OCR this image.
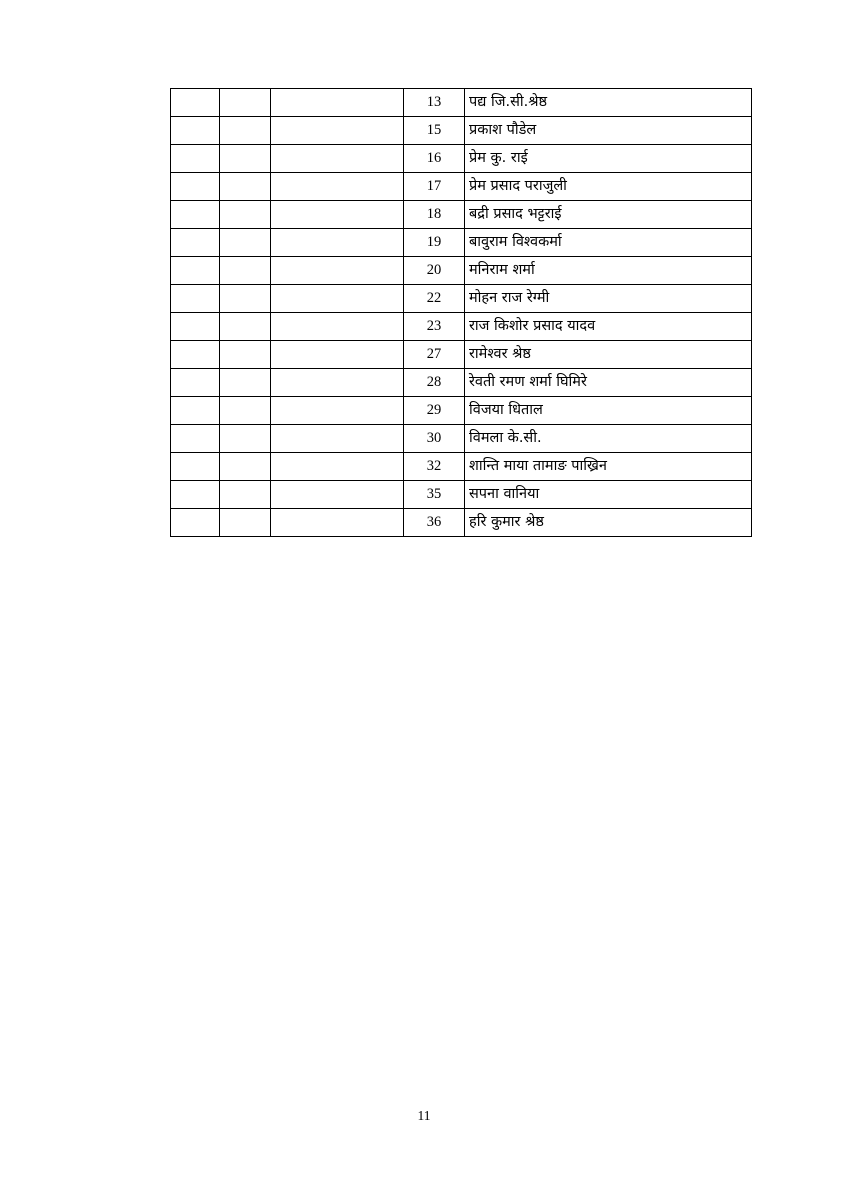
			13	पद्य जि.सी.श्रेष्ठ
			15	प्रकाश पौडेल
			16	प्रेम कु. राई
			17	प्रेम प्रसाद पराजुली
			18	बद्री प्रसाद भट्टराई
			19	बावुराम विश्वकर्मा
			20	मनिराम शर्मा
			22	मोहन राज रेग्मी
			23	राज किशोर प्रसाद यादव
			27	रामेश्वर श्रेष्ठ
			28	रेवती रमण शर्मा घिमिरे
			29	विजया धिताल
			30	विमला के.सी.
			32	शान्ति माया तामाङ पाख्रिन
			35	सपना वानिया
			36	हरि कुमार श्रेष्ठ
11
